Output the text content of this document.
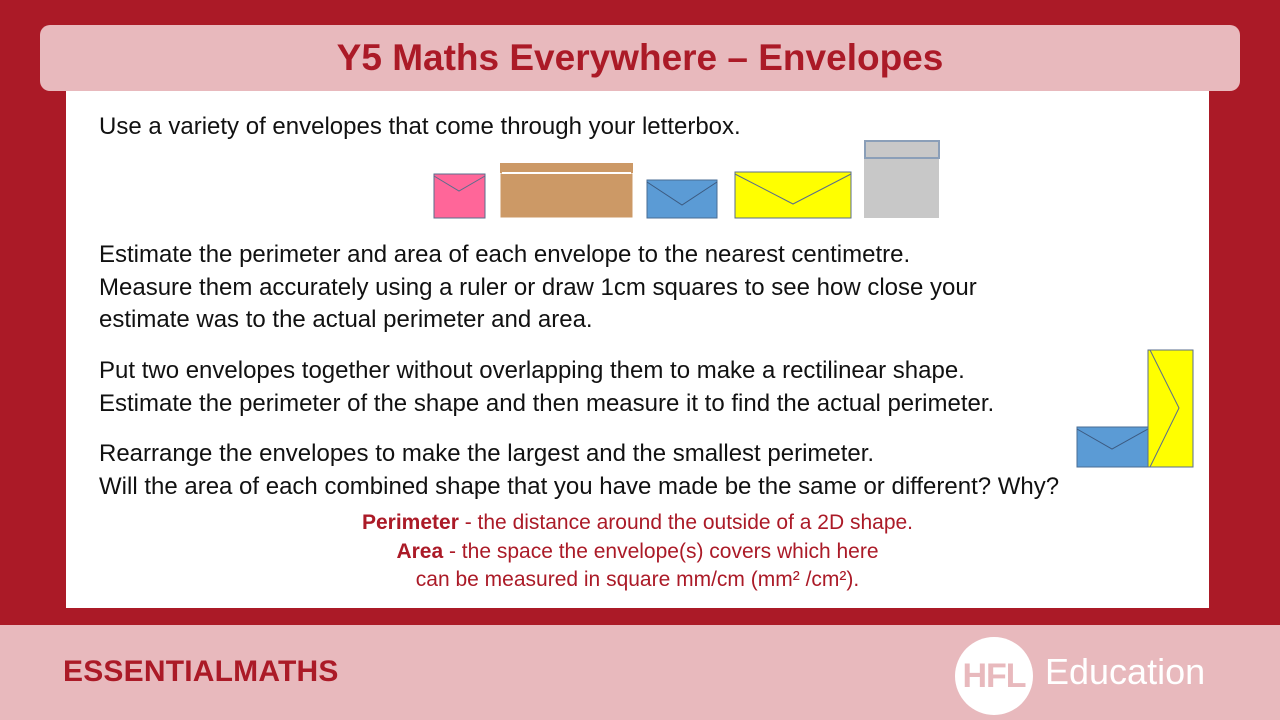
Y5 Maths Everywhere – Envelopes

Use a variety of envelopes that come through your letterbox.

Estimate the perimeter and area of each envelope to the nearest centimetre.
Measure them accurately using a ruler or draw 1cm squares to see how close your
estimate was to the actual perimeter and area.

Put two envelopes together without overlapping them to make a rectilinear shape.
Estimate the perimeter of the shape and then measure it to find the actual perimeter.

Rearrange the envelopes to make the largest and the smallest perimeter.
Will the area of each combined shape that you have made be the same or different? Why?

Perimeter - the distance around the outside of a 2D shape.
Area - the space the envelope(s) covers which here
can be measured in square mm/cm (mm² /cm²).
ESSENTIALMATHS	HFL Education
